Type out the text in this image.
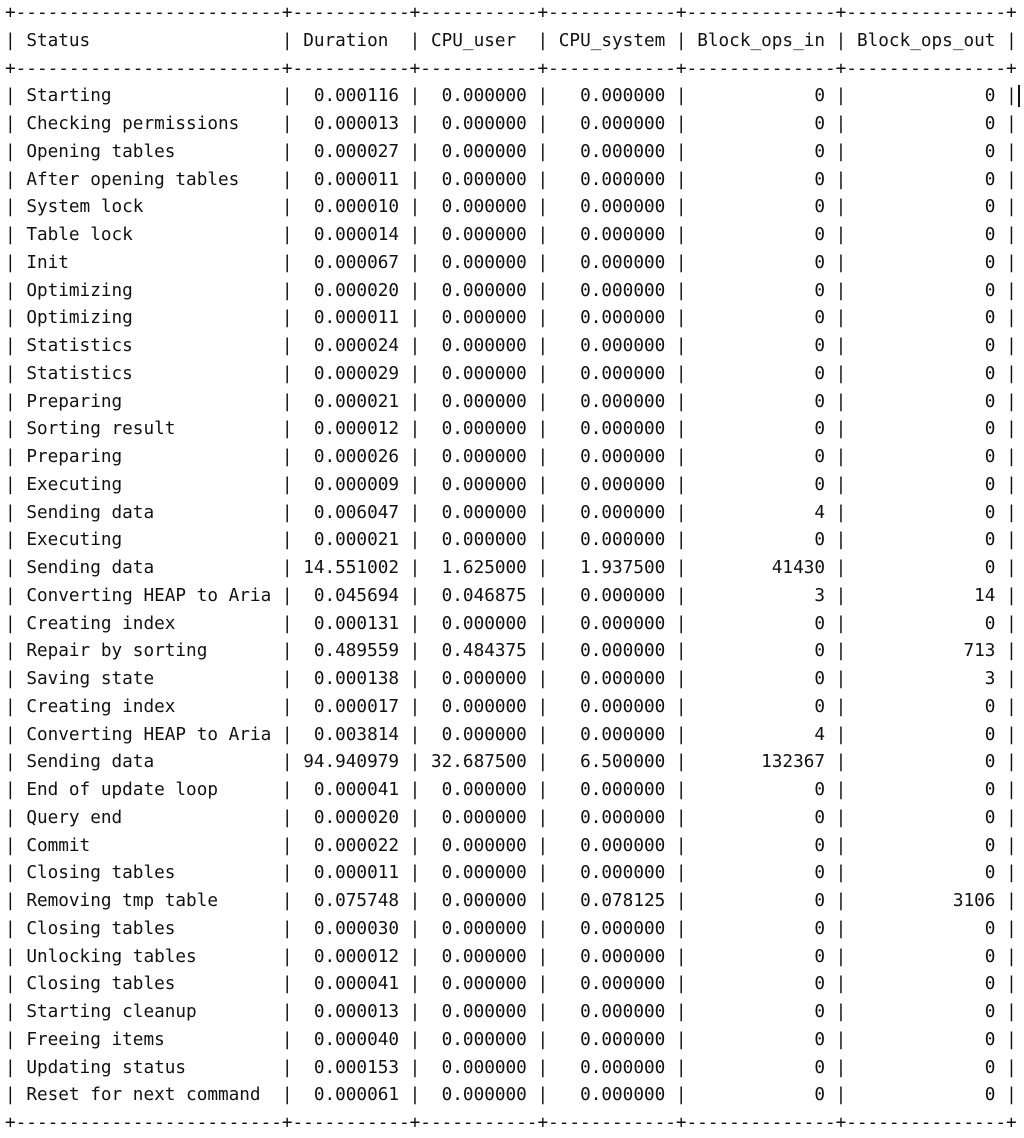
+-------------------------+-----------+-----------+------------+--------------+---------------+
| Status                  | Duration  | CPU_user  | CPU_system | Block_ops_in | Block_ops_out |
+-------------------------+-----------+-----------+------------+--------------+---------------+
| Starting                |  0.000116 |  0.000000 |   0.000000 |            0 |             0 |
| Checking permissions    |  0.000013 |  0.000000 |   0.000000 |            0 |             0 |
| Opening tables          |  0.000027 |  0.000000 |   0.000000 |            0 |             0 |
| After opening tables    |  0.000011 |  0.000000 |   0.000000 |            0 |             0 |
| System lock             |  0.000010 |  0.000000 |   0.000000 |            0 |             0 |
| Table lock              |  0.000014 |  0.000000 |   0.000000 |            0 |             0 |
| Init                    |  0.000067 |  0.000000 |   0.000000 |            0 |             0 |
| Optimizing              |  0.000020 |  0.000000 |   0.000000 |            0 |             0 |
| Optimizing              |  0.000011 |  0.000000 |   0.000000 |            0 |             0 |
| Statistics              |  0.000024 |  0.000000 |   0.000000 |            0 |             0 |
| Statistics              |  0.000029 |  0.000000 |   0.000000 |            0 |             0 |
| Preparing               |  0.000021 |  0.000000 |   0.000000 |            0 |             0 |
| Sorting result          |  0.000012 |  0.000000 |   0.000000 |            0 |             0 |
| Preparing               |  0.000026 |  0.000000 |   0.000000 |            0 |             0 |
| Executing               |  0.000009 |  0.000000 |   0.000000 |            0 |             0 |
| Sending data            |  0.006047 |  0.000000 |   0.000000 |            4 |             0 |
| Executing               |  0.000021 |  0.000000 |   0.000000 |            0 |             0 |
| Sending data            | 14.551002 |  1.625000 |   1.937500 |        41430 |             0 |
| Converting HEAP to Aria |  0.045694 |  0.046875 |   0.000000 |            3 |            14 |
| Creating index          |  0.000131 |  0.000000 |   0.000000 |            0 |             0 |
| Repair by sorting       |  0.489559 |  0.484375 |   0.000000 |            0 |           713 |
| Saving state            |  0.000138 |  0.000000 |   0.000000 |            0 |             3 |
| Creating index          |  0.000017 |  0.000000 |   0.000000 |            0 |             0 |
| Converting HEAP to Aria |  0.003814 |  0.000000 |   0.000000 |            4 |             0 |
| Sending data            | 94.940979 | 32.687500 |   6.500000 |       132367 |             0 |
| End of update loop      |  0.000041 |  0.000000 |   0.000000 |            0 |             0 |
| Query end               |  0.000020 |  0.000000 |   0.000000 |            0 |             0 |
| Commit                  |  0.000022 |  0.000000 |   0.000000 |            0 |             0 |
| Closing tables          |  0.000011 |  0.000000 |   0.000000 |            0 |             0 |
| Removing tmp table      |  0.075748 |  0.000000 |   0.078125 |            0 |          3106 |
| Closing tables          |  0.000030 |  0.000000 |   0.000000 |            0 |             0 |
| Unlocking tables        |  0.000012 |  0.000000 |   0.000000 |            0 |             0 |
| Closing tables          |  0.000041 |  0.000000 |   0.000000 |            0 |             0 |
| Starting cleanup        |  0.000013 |  0.000000 |   0.000000 |            0 |             0 |
| Freeing items           |  0.000040 |  0.000000 |   0.000000 |            0 |             0 |
| Updating status         |  0.000153 |  0.000000 |   0.000000 |            0 |             0 |
| Reset for next command  |  0.000061 |  0.000000 |   0.000000 |            0 |             0 |
+-------------------------+-----------+-----------+------------+--------------+---------------+
